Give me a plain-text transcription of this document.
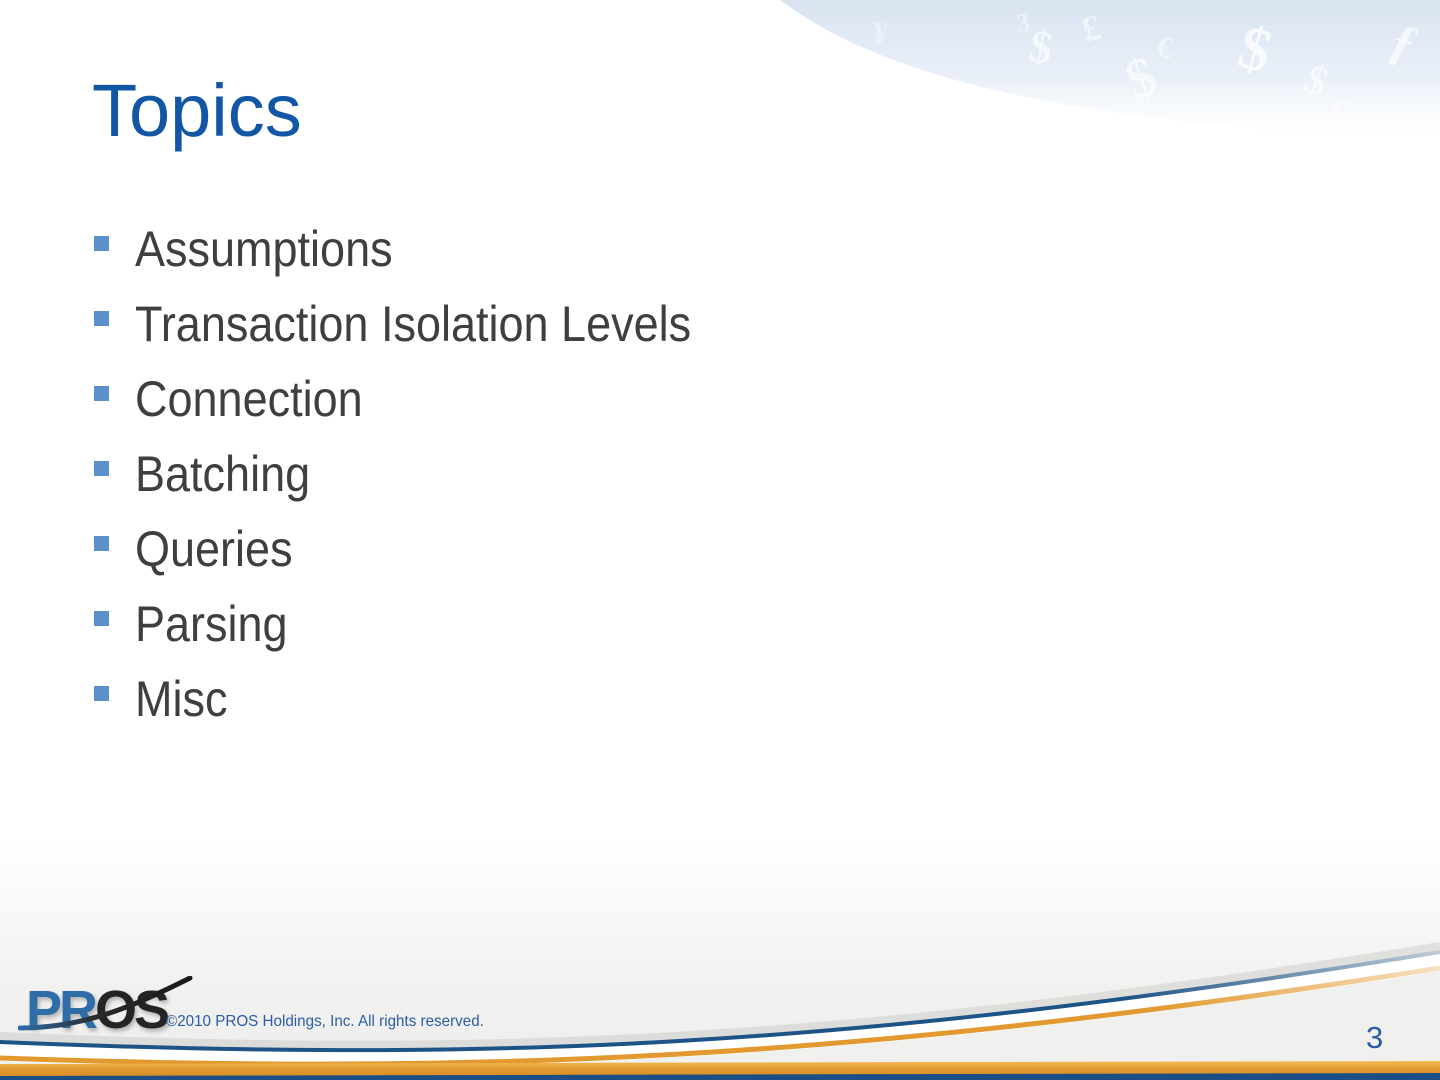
$
$
$
$
£ €	ƒ
$	€
£
¥	3
Topics
Assumptions
Transaction Isolation Levels
Connection
Batching
Queries
Parsing
Misc
PROS
©2010 PROS Holdings, Inc. All rights reserved.	3
